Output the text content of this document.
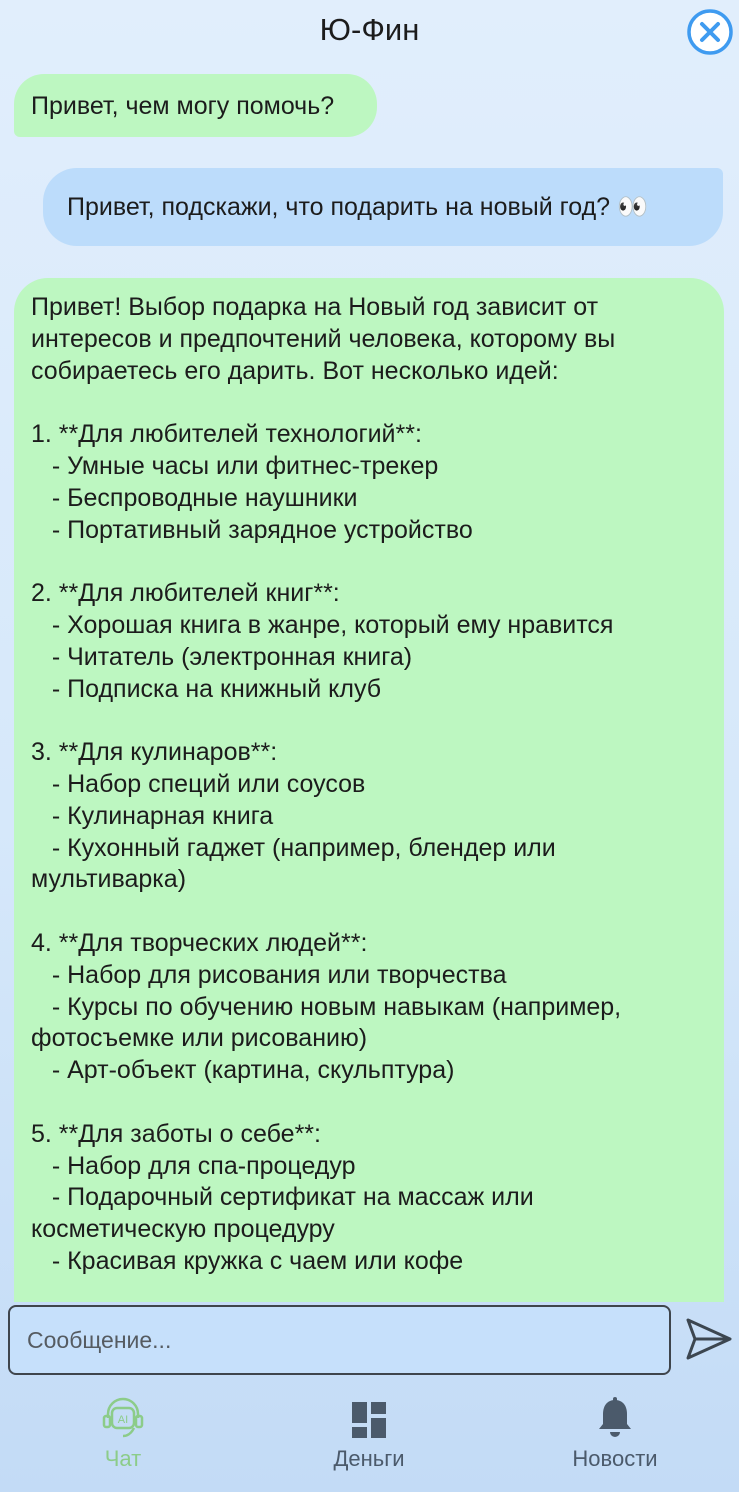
Ю-Фин
Привет, чем могу помочь?
Привет, подскажи, что подарить на новый год? 👀
Привет! Выбор подарка на Новый год зависит от интересов и предпочтений человека, которому вы собираетесь его дарить. Вот несколько идей:

1. **Для любителей технологий**:
- Умные часы или фитнес-трекер
- Беспроводные наушники
- Портативный зарядное устройство

2. **Для любителей книг**:
- Хорошая книга в жанре, который ему нравится
- Читатель (электронная книга)
- Подписка на книжный клуб

3. **Для кулинаров**:
- Набор специй или соусов
- Кулинарная книга
- Кухонный гаджет (например, блендер или мультиварка)

4. **Для творческих людей**:
- Набор для рисования или творчества
- Курсы по обучению новым навыкам (например, фотосъемке или рисованию)
- Арт-объект (картина, скульптура)

5. **Для заботы о себе**:
- Набор для спа-процедур
- Подарочный сертификат на массаж или косметическую процедуру
- Красивая кружка с чаем или кофе
Сообщение...
AI
Чат	Деньги	Новости
